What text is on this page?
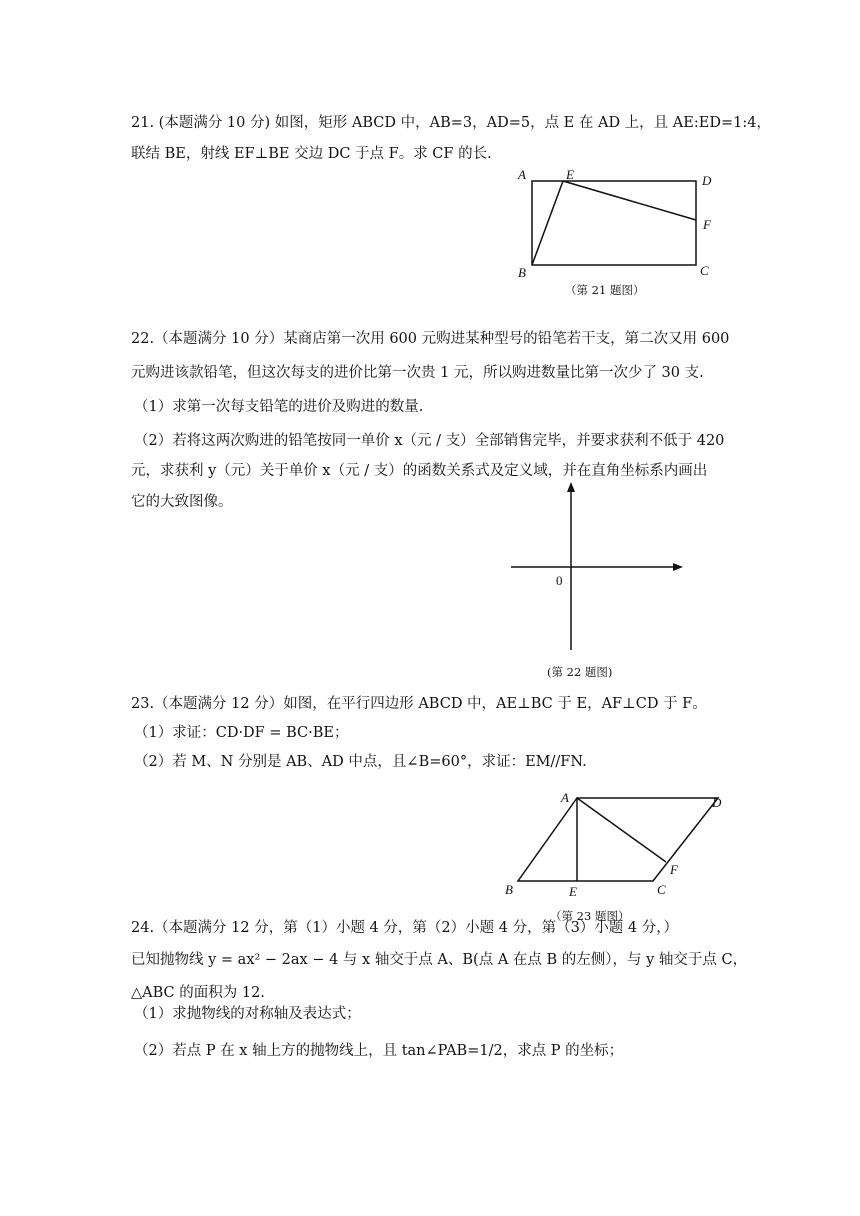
21. (本题满分 10 分) 如图，矩形 ABCD 中，AB=3，AD=5，点 E 在 AD 上，且 AE:ED=1:4，
联结 BE，射线 EF⊥BE 交边 DC 于点 F。求 CF 的长.
A	E	D
F
B	C
（第 21 题图）
22.（本题满分 10 分）某商店第一次用 600 元购进某种型号的铅笔若干支，第二次又用 600
元购进该款铅笔，但这次每支的进价比第一次贵 1 元，所以购进数量比第一次少了 30 支.
（1）求第一次每支铅笔的进价及购进的数量.
（2）若将这两次购进的铅笔按同一单价 x（元 / 支）全部销售完毕，并要求获利不低于 420
元，求获利 y（元）关于单价 x（元 / 支）的函数关系式及定义域，并在直角坐标系内画出
它的大致图像。
0
(第 22 题图)
23.（本题满分 12 分）如图，在平行四边形 ABCD 中，AE⊥BC 于 E，AF⊥CD 于 F。
（1）求证：CD·DF = BC·BE；
（2）若 M、N 分别是 AB、AD 中点，且∠B=60°，求证：EM//FN.
A	D
F
B	E	C
（第 23 题图）
24.（本题满分 12 分，第（1）小题 4 分，第（2）小题 4 分，第（3）小题 4 分，）
已知抛物线 y = ax² − 2ax − 4 与 x 轴交于点 A、B(点 A 在点 B 的左侧），与 y 轴交于点 C，
△ABC 的面积为 12.
（1）求抛物线的对称轴及表达式；
（2）若点 P 在 x 轴上方的抛物线上，且 tan∠PAB=1/2，求点 P 的坐标；
